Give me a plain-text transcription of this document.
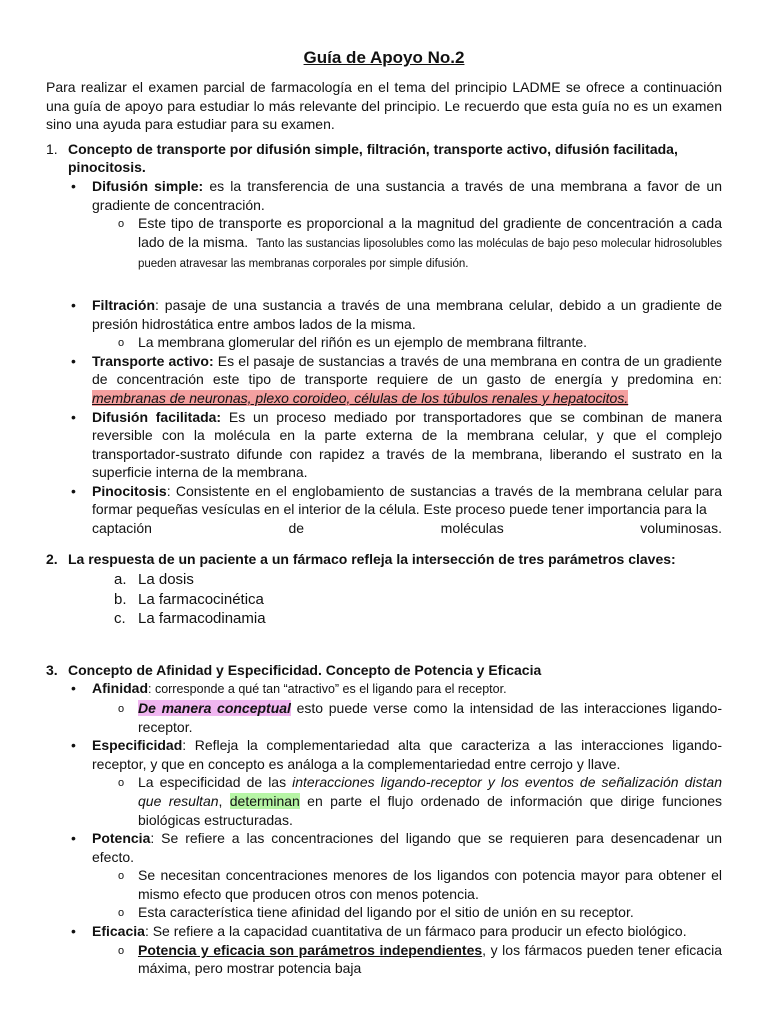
Guía de Apoyo No.2

Para realizar el examen parcial de farmacología en el tema del principio LADME se ofrece a continuación una guía de apoyo para estudiar lo más relevante del principio. Le recuerdo que esta guía no es un examen sino una ayuda para estudiar para su examen.

1. Concepto de transporte por difusión simple, filtración, transporte activo, difusión facilitada, pinocitosis.
• Difusión simple: es la transferencia de una sustancia a través de una membrana a favor de un gradiente de concentración.
o Este tipo de transporte es proporcional a la magnitud del gradiente de concentración a cada lado de la misma. Tanto las sustancias liposolubles como las moléculas de bajo peso molecular hidrosolubles pueden atravesar las membranas corporales por simple difusión.
• Filtración: pasaje de una sustancia a través de una membrana celular, debido a un gradiente de presión hidrostática entre ambos lados de la misma.
o La membrana glomerular del riñón es un ejemplo de membrana filtrante.
• Transporte activo: Es el pasaje de sustancias a través de una membrana en contra de un gradiente de concentración este tipo de transporte requiere de un gasto de energía y predomina en: membranas de neuronas, plexo coroideo, células de los túbulos renales y hepatocitos.
• Difusión facilitada: Es un proceso mediado por transportadores que se combinan de manera reversible con la molécula en la parte externa de la membrana celular, y que el complejo transportador-sustrato difunde con rapidez a través de la membrana, liberando el sustrato en la superficie interna de la membrana.
• Pinocitosis: Consistente en el englobamiento de sustancias a través de la membrana celular para formar pequeñas vesículas en el interior de la célula. Este proceso puede tener importancia para la
captación	de	moléculas	voluminosas.
2. La respuesta de un paciente a un fármaco refleja la intersección de tres parámetros claves:
a. La dosis
b. La farmacocinética
c. La farmacodinamia
3. Concepto de Afinidad y Especificidad. Concepto de Potencia y Eficacia
• Afinidad: corresponde a qué tan “atractivo” es el ligando para el receptor.
o De manera conceptual esto puede verse como la intensidad de las interacciones ligando-receptor.
• Especificidad: Refleja la complementariedad alta que caracteriza a las interacciones ligando-receptor, y que en concepto es análoga a la complementariedad entre cerrojo y llave.
o La especificidad de las interacciones ligando-receptor y los eventos de señalización distan que resultan, determinan en parte el flujo ordenado de información que dirige funciones biológicas estructuradas.
• Potencia: Se refiere a las concentraciones del ligando que se requieren para desencadenar un efecto.
o Se necesitan concentraciones menores de los ligandos con potencia mayor para obtener el mismo efecto que producen otros con menos potencia.
o Esta característica tiene afinidad del ligando por el sitio de unión en su receptor.
• Eficacia: Se refiere a la capacidad cuantitativa de un fármaco para producir un efecto biológico.
o Potencia y eficacia son parámetros independientes, y los fármacos pueden tener eficacia máxima, pero mostrar potencia baja
